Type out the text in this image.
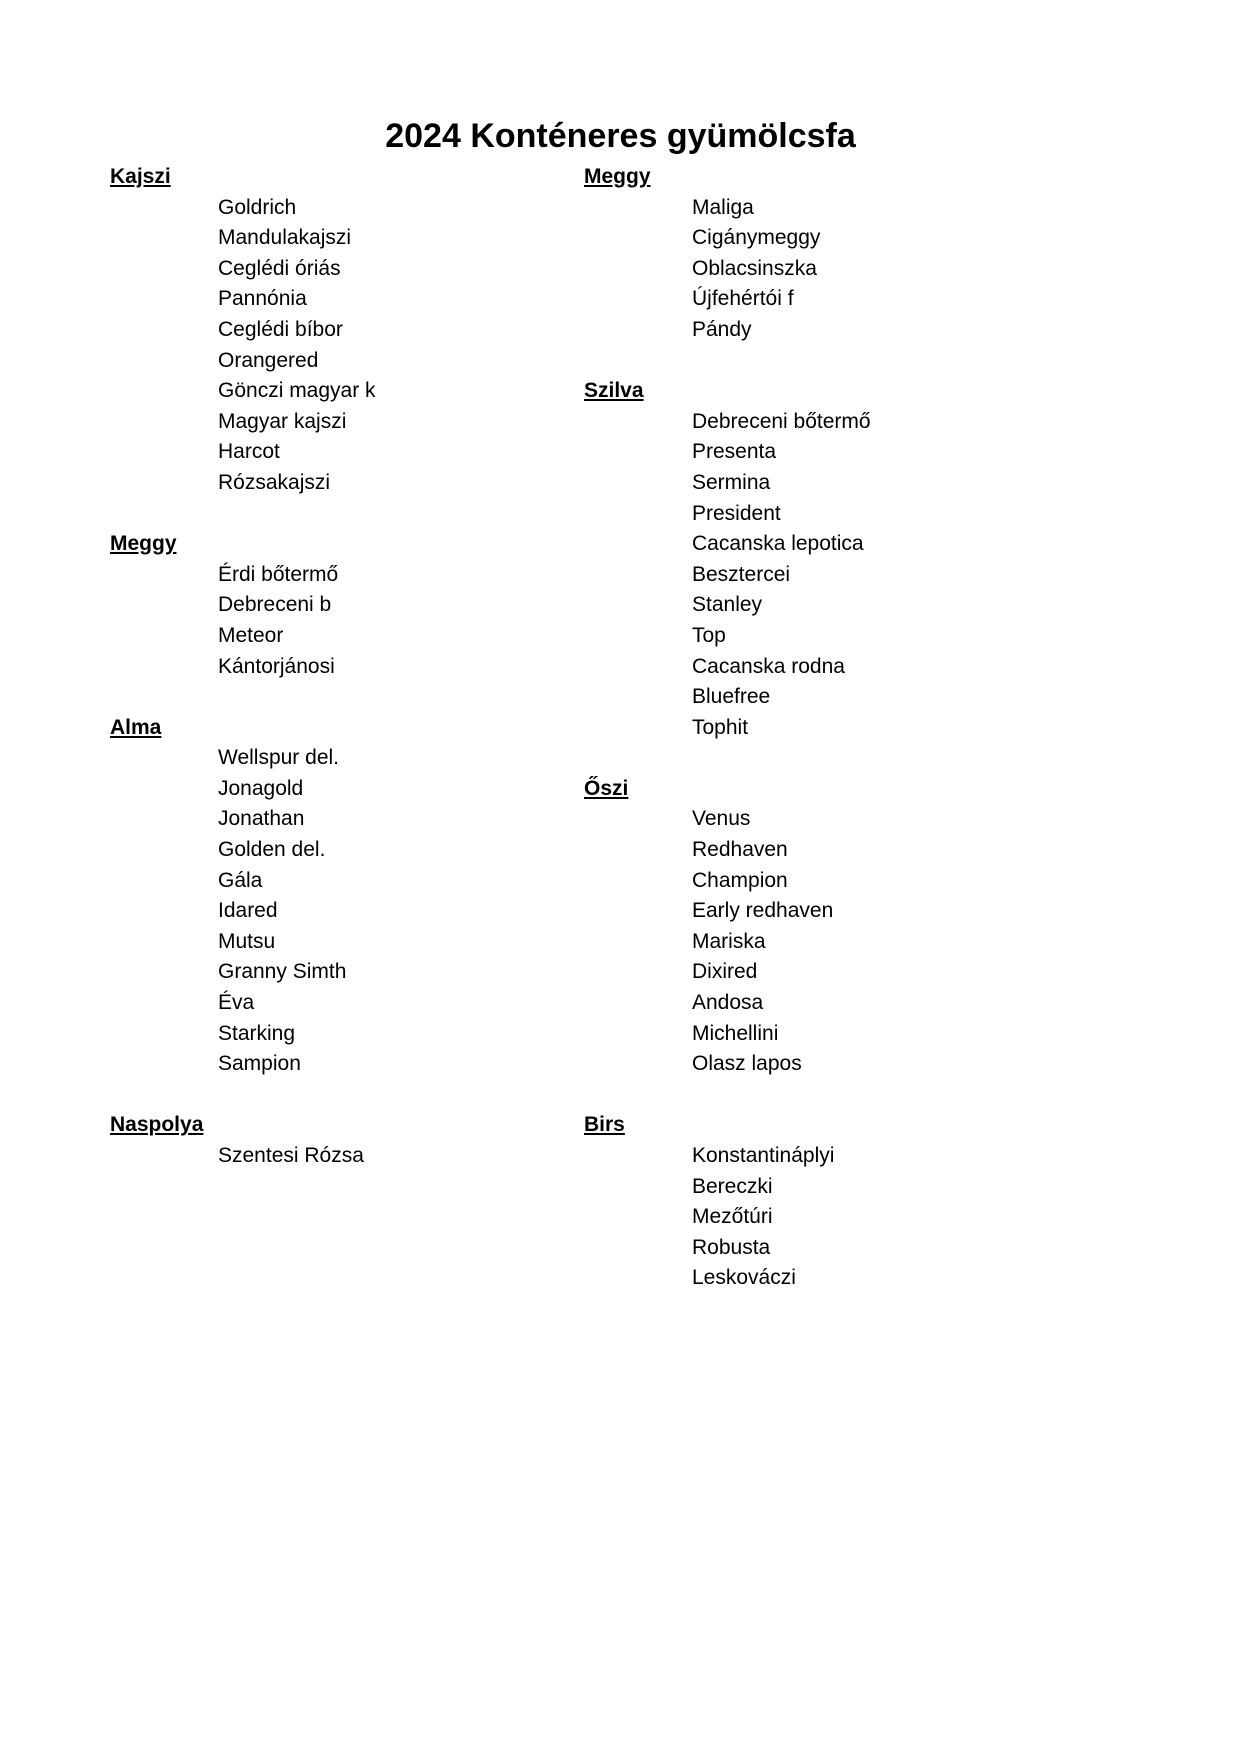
2024 Konténeres gyümölcsfa
Kajszi
Goldrich
Mandulakajszi
Ceglédi óriás
Pannónia
Ceglédi bíbor
Orangered
Gönczi magyar k
Magyar kajszi
Harcot
Rózsakajszi
Meggy
Érdi bőtermő
Debreceni b
Meteor
Kántorjánosi
Alma
Wellspur del.
Jonagold
Jonathan
Golden del.
Gála
Idared
Mutsu
Granny Simth
Éva
Starking
Sampion
Naspolya
Szentesi Rózsa
Meggy
Maliga
Cigánymeggy
Oblacsinszka
Újfehértói f
Pándy
Szilva
Debreceni bőtermő
Presenta
Sermina
President
Cacanska lepotica
Besztercei
Stanley
Top
Cacanska rodna
Bluefree
Tophit
Őszi
Venus
Redhaven
Champion
Early redhaven
Mariska
Dixired
Andosa
Michellini
Olasz lapos
Birs
Konstantináplyi
Bereczki
Mezőtúri
Robusta
Leskováczi
